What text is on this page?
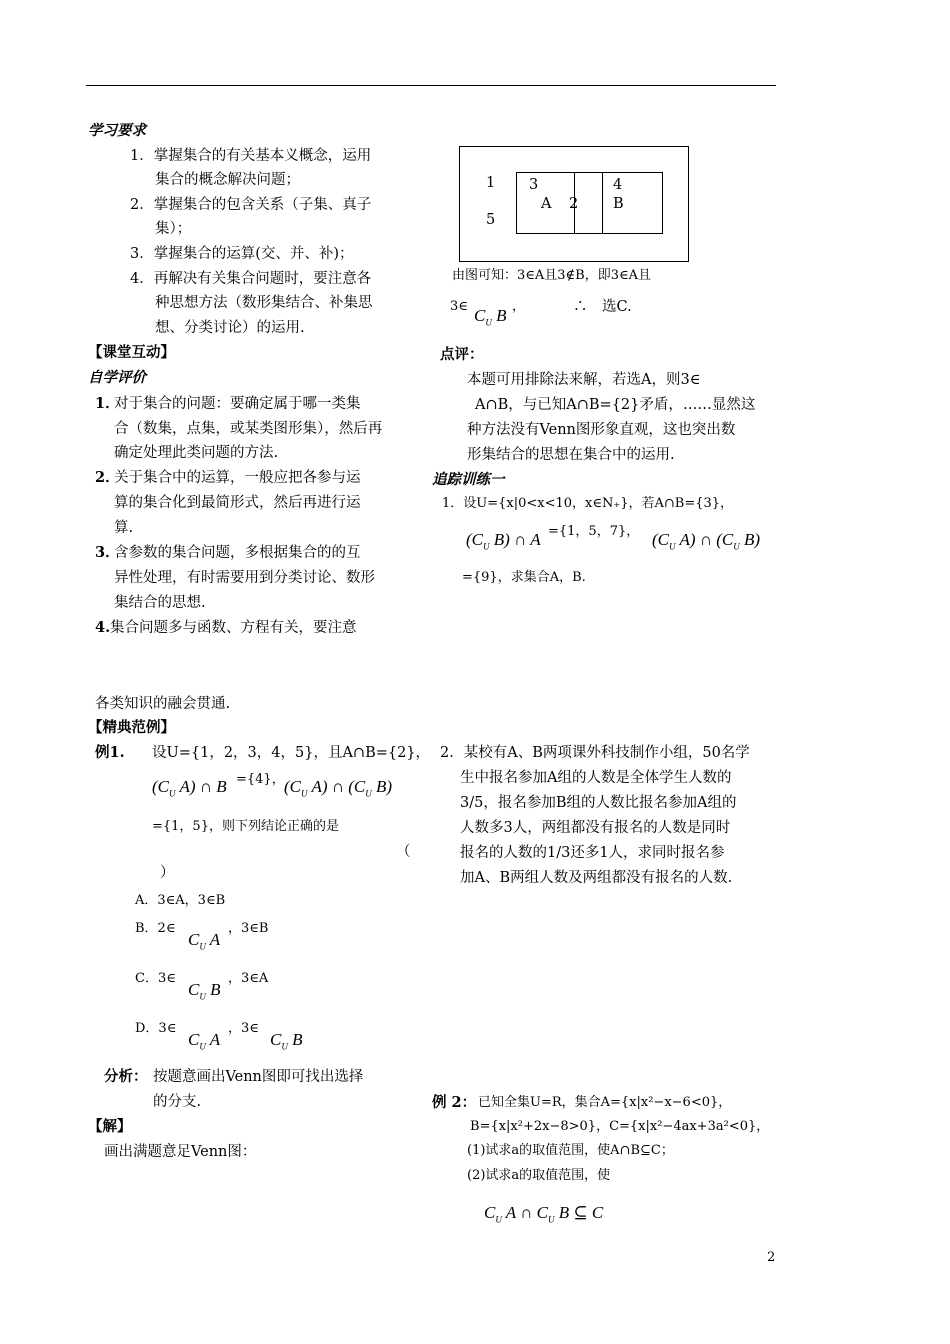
学习要求
1．掌握集合的有关基本义概念，运用
集合的概念解决问题；
2．掌握集合的包含关系（子集、真子
集）；
3．掌握集合的运算(交、并、补)；
4．再解决有关集合问题时，要注意各
种思想方法（数形集结合、补集思
想、分类讨论）的运用.
【课堂互动】
自学评价
1．
对于集合的问题：要确定属于哪一类集
合（数集，点集，或某类图形集），然后再
确定处理此类问题的方法.
2．
关于集合中的运算，一般应把各参与运
算的集合化到最简形式，然后再进行运
算.
3．
含参数的集合问题，多根据集合的的互
异性处理，有时需要用到分类讨论、数形
集结合的思想.
4. 集合问题多与函数、方程有关，要注意
各类知识的融会贯通.
【精典范例】
例1. 设U={1，2，3，4，5}，且A∩B={2}，
($C_U$ A) ∩ B ={4}， ($C_U$ A) ∩ ($C_U$ B)
={1，5}，则下列结论正确的是
（
）
A．3∈A，3∈B
B．2∈
$C_U$ A
，3∈B
C．3∈
$C_U$ B
，3∈A
D．3∈
$C_U$ A
，3∈
$C_U$ B
分析： 按题意画出Venn图即可找出选择
的分支.
【解】
画出满题意足Venn图：
1
5
3
A 2
4
B
由图可知：3∈A且3∉B，即3∈A且
3∈ $C_U$ B ，	∴　选C.
点评：
本题可用排除法来解，若选A，则3∈
A∩B，与已知A∩B={2}矛盾，……显然这
种方法没有Venn图形象直观，这也突出数
形集结合的思想在集合中的运用.
追踪训练一
1．设U={x|0<x<10，x∈N₊}，若A∩B={3}，
($C_U$ B) ∩ A ={1，5，7}， ($C_U$ A) ∩ ($C_U$ B)
={9}，求集合A，B.
2．某校有A、B两项课外科技制作小组，50名学
生中报名参加A组的人数是全体学生人数的
3/5，报名参加B组的人数比报名参加A组的
人数多3人，两组都没有报名的人数是同时
报名的人数的1/3还多1人，求同时报名参
加A、B两组人数及两组都没有报名的人数.
例 2： 已知全集U=R，集合A={x|x²−x−6<0}，
B={x|x²+2x−8>0}，C={x|x²−4ax+3a²<0}，
(1)试求a的取值范围，使A∩B⊆C；
(2)试求a的取值范围，使
$C_U$ A ∩ $C_U$ B ⊆ C
2
